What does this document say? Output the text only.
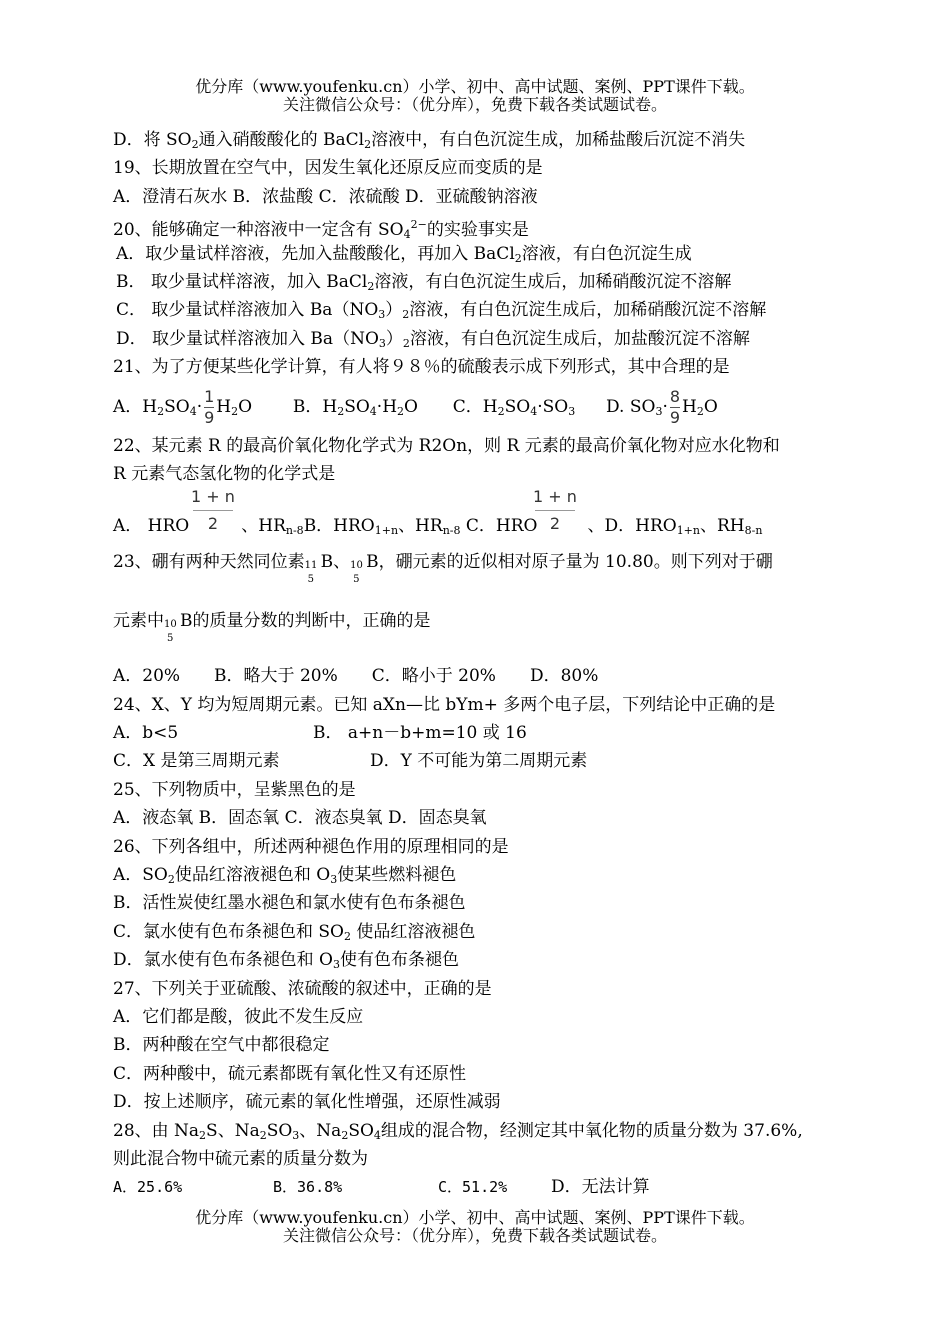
优分库（www.youfenku.cn）小学、初中、高中试题、案例、PPT课件下载。
关注微信公众号：（优分库），免费下载各类试题试卷。
D．将 $SO_2$通入硝酸酸化的 BaCl$_2$溶液中，有白色沉淀生成，加稀盐酸后沉淀不消失
19、长期放置在空气中，因发生氧化还原反应而变质的是
A．澄清石灰水 B．浓盐酸 C．浓硫酸 D．亚硫酸钠溶液
20、能够确定一种溶液中一定含有 $SO_4^{2-}$的实验事实是
A．取少量试样溶液，先加入盐酸酸化，再加入 BaCl$_2$溶液，有白色沉淀生成
B． 取少量试样溶液，加入 BaCl$_2$溶液，有白色沉淀生成后，加稀硝酸沉淀不溶解
C． 取少量试样溶液加入 $Ba(NO_3)_2$溶液，有白色沉淀生成后，加稀硝酸沉淀不溶解
D． 取少量试样溶液加入 $Ba(NO_3)_2$溶液，有白色沉淀生成后，加盐酸沉淀不溶解
21、为了方便某些化学计算，有人将９８％的硫酸表示成下列形式，其中合理的是
A．$H_2SO_4\cdot \frac{1}{9} H_2O$ B．$H_2SO_4\cdot H_2O$ C．$H_2SO_4\cdot SO_3$ D. $SO_3\cdot \frac{8}{9} H_2O$
22、某元素 R 的最高价氧化物化学式为 R2On，则 R 元素的最高价氧化物对应水化物和
R 元素气态氢化物的化学式是
1 + n
2
1 + n
2
A． HRO	、$HR_{n-8}B$．$HRO_{1+n}$、$HR_{n-8}$ C．HRO	、D．$HRO_{1+n}$、$RH_{8-n}$
23、硼有两种天然同位素 11
5
B、 10
5
B，硼元素的近似相对原子量为 10.80。则下列对于硼
元素中 10
5
B的质量分数的判断中，正确的是
A．20%　　B．略大于 20%　　C．略小于 20%　　D．80%
24、X、Y 均为短周期元素。已知 aXn—比 bYm+ 多两个电子层，下列结论中正确的是
A．b<5	B． a+n－b+m=10 或 16
C．X 是第三周期元素	D．Y 不可能为第二周期元素
25、下列物质中，呈紫黑色的是
A．液态氧 B．固态氧 C．液态臭氧 D．固态臭氧
26、下列各组中，所述两种褪色作用的原理相同的是
A．$SO_2$使品红溶液褪色和 $O_3$使某些燃料褪色
B．活性炭使红墨水褪色和氯水使有色布条褪色
C．氯水使有色布条褪色和 $SO_2$ 使品红溶液褪色
D．氯水使有色布条褪色和 $O_3$使有色布条褪色
27、下列关于亚硫酸、浓硫酸的叙述中，正确的是
A．它们都是酸，彼此不发生反应
B．两种酸在空气中都很稳定
C．两种酸中，硫元素都既有氧化性又有还原性
D．按上述顺序，硫元素的氧化性增强，还原性减弱
28、由 $Na_2S$、$Na_2SO_3$、$Na_2SO_4$组成的混合物，经测定其中氧化物的质量分数为 37.6%,
则此混合物中硫元素的质量分数为
A．25.6%	B．36.8%	C．51.2%	D．无法计算
优分库（www.youfenku.cn）小学、初中、高中试题、案例、PPT课件下载。
关注微信公众号：（优分库），免费下载各类试题试卷。
